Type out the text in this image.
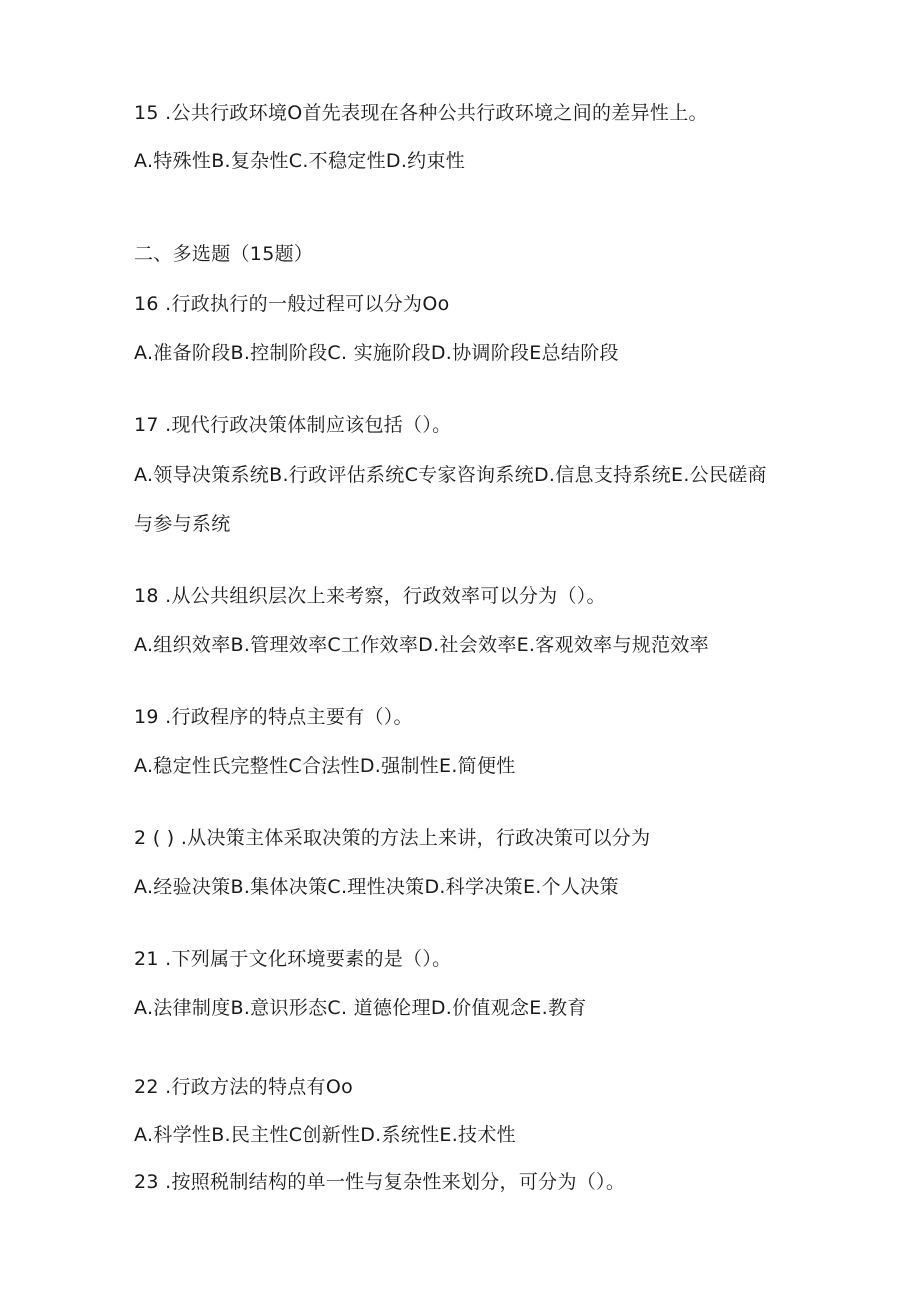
15 .公共行政环境O首先表现在各种公共行政环境之间的差异性上。
A.特殊性B.复杂性C.不稳定性D.约束性
二、多选题（15题）
16 .行政执行的一般过程可以分为Oo
A.准备阶段B.控制阶段C. 实施阶段D.协调阶段E总结阶段
17 .现代行政决策体制应该包括（）。
A.领导决策系统B.行政评估系统C专家咨询系统D.信息支持系统E.公民磋商
与参与系统
18 .从公共组织层次上来考察，行政效率可以分为（）。
A.组织效率B.管理效率C工作效率D.社会效率E.客观效率与规范效率
19 .行政程序的特点主要有（）。
A.稳定性氏完整性C合法性D.强制性E.简便性
2 ( ) .从决策主体采取决策的方法上来讲，行政决策可以分为
A.经验决策B.集体决策C.理性决策D.科学决策E.个人决策
21 .下列属于文化环境要素的是（）。
A.法律制度B.意识形态C. 道德伦理D.价值观念E.教育
22 .行政方法的特点有Oo
A.科学性B.民主性C创新性D.系统性E.技术性
23 .按照税制结构的单一性与复杂性来划分，可分为（）。
